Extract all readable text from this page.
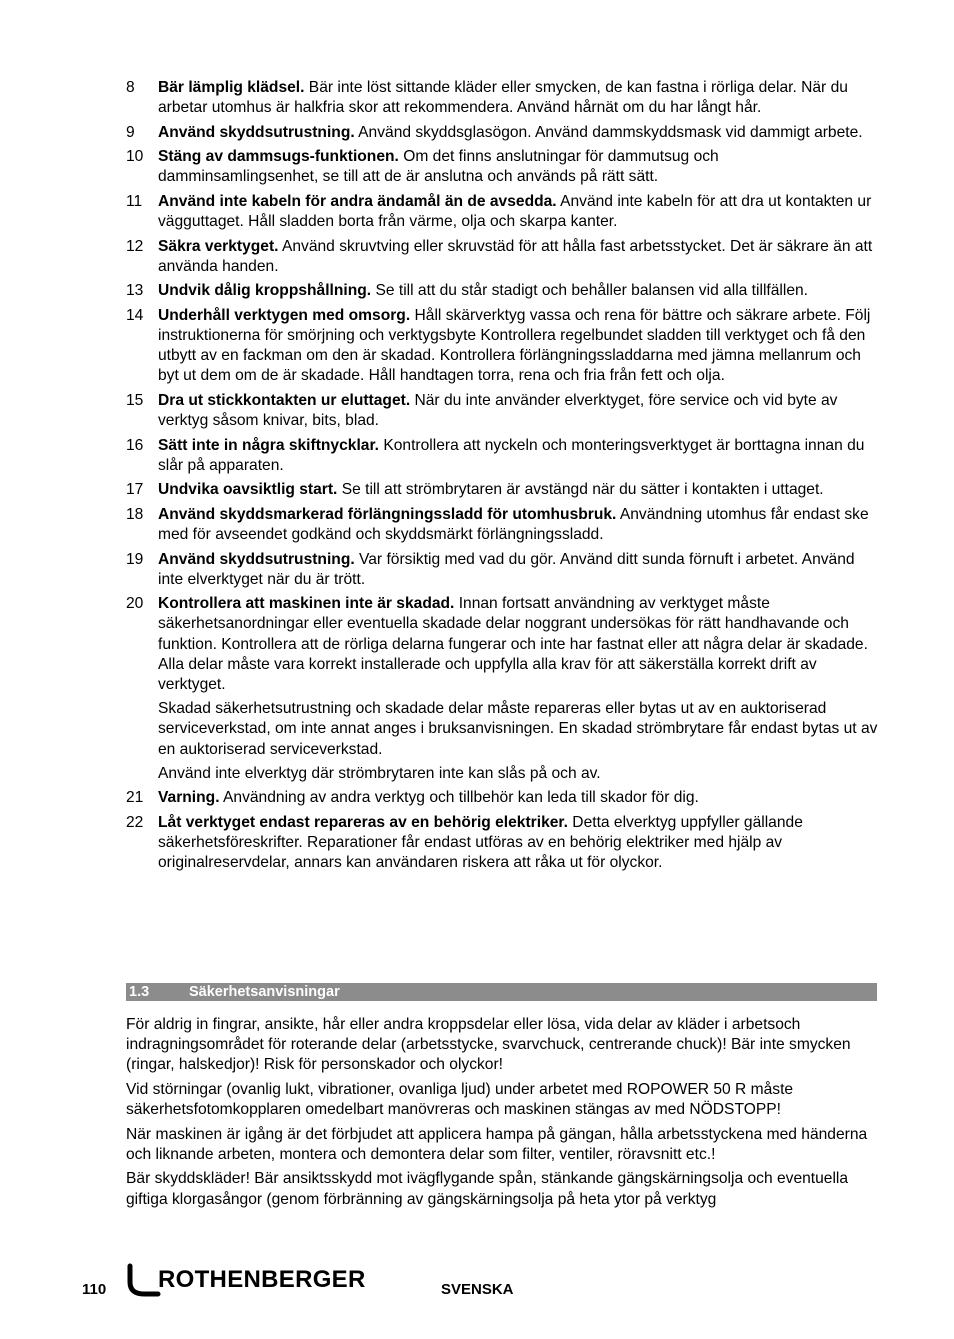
8	Bär lämplig klädsel. Bär inte löst sittande kläder eller smycken, de kan fastna i rörliga delar. När du arbetar utomhus är halkfria skor att rekommendera. Använd hårnät om du har långt hår.
9	Använd skyddsutrustning. Använd skyddsglasögon. Använd dammskyddsmask vid dammigt arbete.
10 Stäng av dammsugs-funktionen. Om det finns anslutningar för dammutsug och damminsamlingsenhet, se till att de är anslutna och används på rätt sätt.
11	Använd inte kabeln för andra ändamål än de avsedda. Använd inte kabeln för att dra ut kontakten ur vägguttaget. Håll sladden borta från värme, olja och skarpa kanter.
12 Säkra verktyget. Använd skruvtving eller skruvstäd för att hålla fast arbetsstycket. Det är säkrare än att använda handen.
13 Undvik dålig kroppshållning. Se till att du står stadigt och behåller balansen vid alla tillfällen.
14 Underhåll verktygen med omsorg. Håll skärverktyg vassa och rena för bättre och säkrare arbete. Följ instruktionerna för smörjning och verktygsbyte Kontrollera regelbundet sladden till verktyget och få den utbytt av en fackman om den är skadad. Kontrollera förlängningssladdarna med jämna mellanrum och byt ut dem om de är skadade. Håll handtagen torra, rena och fria från fett och olja.
15 Dra ut stickkontakten ur eluttaget. När du inte använder elverktyget, före service och vid byte av verktyg såsom knivar, bits, blad.
16 Sätt inte in några skiftnycklar. Kontrollera att nyckeln och monteringsverktyget är borttagna innan du slår på apparaten.
17 Undvika oavsiktlig start. Se till att strömbrytaren är avstängd när du sätter i kontakten i uttaget.
18 Använd skyddsmarkerad förlängningssladd för utomhusbruk. Användning utomhus får endast ske med för avseendet godkänd och skyddsmärkt förlängningssladd.
19 Använd skyddsutrustning. Var försiktig med vad du gör. Använd ditt sunda förnuft i arbetet. Använd inte elverktyget när du är trött.
20 Kontrollera att maskinen inte är skadad. Innan fortsatt användning av verktyget måste säkerhetsanordningar eller eventuella skadade delar noggrant undersökas för rätt handhavande och funktion. Kontrollera att de rörliga delarna fungerar och inte har fastnat eller att några delar är skadade. Alla delar måste vara korrekt installerade och uppfylla alla krav för att säkerställa korrekt drift av verktyget.
Skadad säkerhetsutrustning och skadade delar måste repareras eller bytas ut av en auktoriserad serviceverkstad, om inte annat anges i bruksanvisningen. En skadad strömbrytare får endast bytas ut av en auktoriserad serviceverkstad.
Använd inte elverktyg där strömbrytaren inte kan slås på och av.
21 Varning. Användning av andra verktyg och tillbehör kan leda till skador för dig.
22 Låt verktyget endast repareras av en behörig elektriker. Detta elverktyg uppfyller gällande säkerhetsföreskrifter. Reparationer får endast utföras av en behörig elektriker med hjälp av originalreservdelar, annars kan användaren riskera att råka ut för olyckor.
1.3	Säkerhetsanvisningar

För aldrig in fingrar, ansikte, hår eller andra kroppsdelar eller lösa, vida delar av kläder i arbetsoch indragningsområdet för roterande delar (arbetsstycke, svarvchuck, centrerande chuck)! Bär inte smycken (ringar, halskedjor)! Risk för personskador och olyckor!

Vid störningar (ovanlig lukt, vibrationer, ovanliga ljud) under arbetet med ROPOWER 50 R måste säkerhetsfotomkopplaren omedelbart manövreras och maskinen stängas av med NÖDSTOPP!

När maskinen är igång är det förbjudet att applicera hampa på gängan, hålla arbetsstyckena med händerna och liknande arbeten, montera och demontera delar som filter, ventiler, röravsnitt etc.!

Bär skyddskläder! Bär ansiktsskydd mot ivägflygande spån, stänkande gängskärningsolja och eventuella giftiga klorgasångor (genom förbränning av gängskärningsolja på heta ytor på verktyg

110 ROTHENBERGER	SVENSKA
